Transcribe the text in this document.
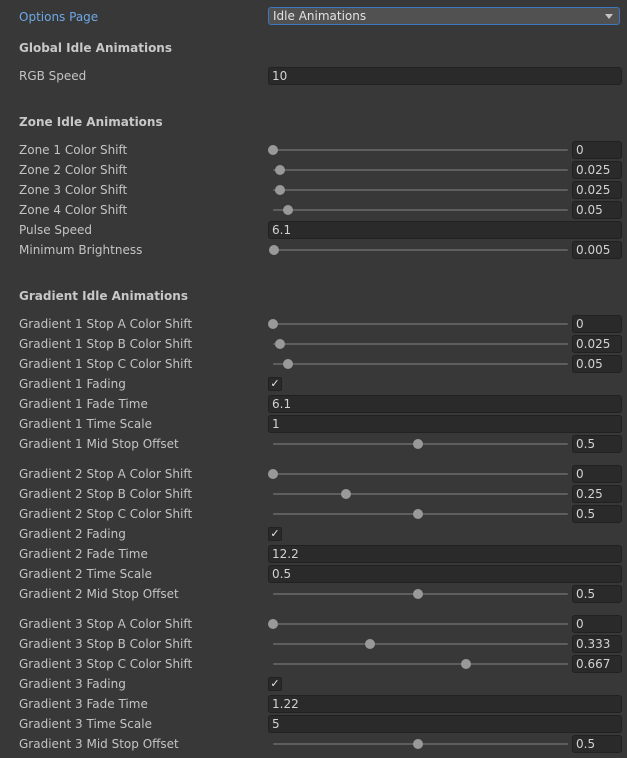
Options Page	Idle Animations
Global Idle Animations
RGB Speed	10
Zone Idle Animations
Zone 1 Color Shift	0
Zone 2 Color Shift	0.025
Zone 3 Color Shift	0.025
Zone 4 Color Shift	0.05
Pulse Speed	6.1
Minimum Brightness	0.005
Gradient Idle Animations
Gradient 1 Stop A Color Shift	0
Gradient 1 Stop B Color Shift	0.025
Gradient 1 Stop C Color Shift	0.05
Gradient 1 Fading	✓
Gradient 1 Fade Time	6.1
Gradient 1 Time Scale	1
Gradient 1 Mid Stop Offset	0.5
Gradient 2 Stop A Color Shift	0
Gradient 2 Stop B Color Shift	0.25
Gradient 2 Stop C Color Shift	0.5
Gradient 2 Fading	✓
Gradient 2 Fade Time	12.2
Gradient 2 Time Scale	0.5
Gradient 2 Mid Stop Offset	0.5
Gradient 3 Stop A Color Shift	0
Gradient 3 Stop B Color Shift	0.333
Gradient 3 Stop C Color Shift	0.667
Gradient 3 Fading	✓
Gradient 3 Fade Time	1.22
Gradient 3 Time Scale	5
Gradient 3 Mid Stop Offset	0.5
